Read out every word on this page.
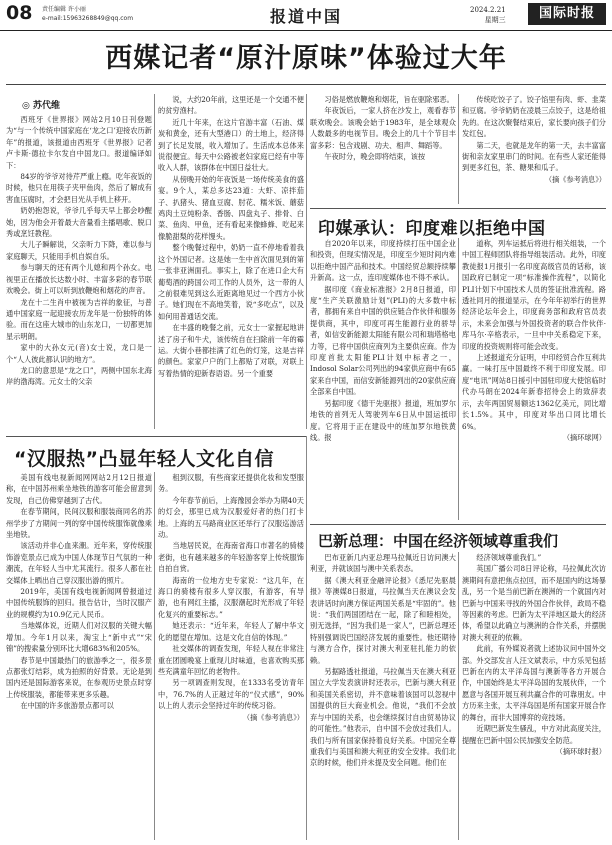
08 责任编辑 许小丽
e-mail:15963268849@qq.com	报道中国	2024.2.21
星期三	国际时报
西媒记者“原汁原味”体验过大年
◎ 苏代维

西班牙《世界报》网站2月10日刊登题为“与一个传统中国家庭在‘龙之口’迎接农历新年”的报道，该报道由西班牙《世界报》记者卢卡斯·德拉卡尔发自中国龙口。报道编译如下：

84岁的爷爷对待芹严重上瘾。吃年夜饭的时候，他只在用筷子夹甲鱼肉，然后了解成有害血压腐时，才会把目光从手机上移开。

奶奶抱怨说，爷爷几乎每天早上都会吵醒她，因为他会开着最大音量看主播唱歌、脱口秀或烹饪教程。

大儿子瞬解说，父亲听力下降，难以参与家庭聊天，只能用手机自娱自乐。

参与聊天的还有两个儿媳和两个孙女。电视里正在播放长达数小时、丰富多彩的春节联欢晚会。街上可以听到放鞭炮和烟花的声音。

龙在十二生肖中被视为吉祥的象征，与普通中国家庭一起迎接农历龙年是一份独特的体验。而在这座大城市的山东龙口，一切都更加星示明朗。

家中的大孙女元(音)女士说，龙口是一个“人人彼此都认识的地方”。

龙口的意思是“龙之口”，两侧中国东北海岸的渤海湾。元女士的父亲

说，大约20年前，这里还是一个交通不便的贫穷渔村。

近几十年来，在这片官游丰富（石油、煤炭和黄金，还有大型港口）的土地上，经济得到了长足发展，收入增加了。生活成本总体来说很便宜。每天中公路被老妇家庭已经有中等收入人群，该群体在中国日益壮大。

从傍晚开始的年夜饭是一场传统美食的盛宴。9个人，某总多达23道：大虾、凉拌茄子、扒猪头、猪血豆腐、肘花、糯米饭、蘑菇鸡肉土豆炖粉条、香肠、四盘丸子、排骨、白菜、鱼肉、甲鱼，还有看起来像蜂蜂、吃起来像脆甜梨的花样馒头。

整个晚餐过程中，奶奶一直不停地看着我这个外国记者。这是她一生中首次面见到的第一张非亚洲面孔。事实上，除了在进口企大有葡萄酒的跨国公司工作的人员外，这一带的人之前很难见到这么近距离地见过一个西方小伙子。她们现在不高地笑着，说“多吃点”，以及如何用普通话交流。

在丰盛的晚餐之前，元女士一家握起地讲述了房子和牛犬，该传统自在扫除前一年的霉运。大街小巷都挂满了红色的灯笼，这是吉祥的颜色。家家户户的门上都贴了对联，对联上写着热情的迎新春语语。另一个重要

习俗是燃放鞭炮和烟花，旨在驱除邪恶。

年夜饭后，一家人挤在沙发上，观看春节联欢晚会。该晚会始于1983年，是全球观众人数最多的电视节目。晚会上的几十个节目丰富多彩：包含戏剧、功夫、相声、舞蹈等。

午夜时分，晚会即将结束，该按

传统吃饺子了。饺子馅里有肉、虾、韭菜和豆腐。爷爷奶奶在凌晨三点饺子，这是给祖先的。在这次聚餐结束后，家长要向孩子们分发红包。

第二天，也就是龙年的第一天，去丰富富街和亲友家里串门的时间。在有些人家还能得到更多红包，茶、糖果和瓜子。

（摘《参考消息》）
印媒承认：印度难以拒绝中国

自2020年以来，印度持续打压中国企业和投资，但现实情况是，印度至少短时间内难以拒绝中国产品和技术。中国经贸总额持续攀升新高。这一点，连印度媒体也不得不承认。

据印度《商业标准报》2月8日报道，印度“生产关联激励计划”(PLI)的大多数中标者，都拥有来自中国的供应链合作伙伴和服务提供商，其中，印度可再生能源行业的骄导者，如信安新能源太阳能有限公司和瑞塔格电力等，已将中国供应商列为主要供应商。作为印度首批太阳能PLI计划中标者之一，Indosol Solar公司列出的94家供应商中有65家来自中国，而信安新能源列出的20家供应商全部来自中国。

另据印度《德干先驱报》报道，班加罗尔地铁的首列无人驾驶列车6日从中国运抵印度。它将用于正在建设中的班加罗尔地铁黄线。报

道称，列车运抵后将进行相关组装，一个中国工程师团队将指导组装活动。此外，印度教徒报1月报引一名印度高级官员的话称，该国政府已制定一项“标准操作流程”，以简化PLI计划下中国技术人员的签证批准流程。路透社同月的报道显示，在今年年初举行的世界经济论坛年会上，印度商务部和政府官员表示，未来会加强与外国投资者的联合作伙伴·库马尔·辛格表示，一旦中中关系稳定下来，印度的投资规则将可能会改变。

上述报道充分证明，中印经贸合作互利共赢。一味打压中国最终不利于印度发展。印度“电讯”网站8日援引中国驻印度大使馆临时代办马朗在2024年新春招待会上的致辞表示，去年两国贸易额达1362亿美元，同比增长1.5%。其中，印度对华出口同比增长6%。

（摘环球网）
“汉服热”凸显年轻人文化自信

美国有线电视新闻网网站2月12日报道称，在中国苏州乘坐地铁的游客可能会留意到发现，自己仿佛穿越到了古代。

在春节期间，民间汉服和服装商同名的苏州学步了方期间一列的穿中国传统服饰就像乘坐地铁。

该活动并非心血来潮。近年来，穿传统服饰游览景点已成为中国人体现节日气氛的一种潮流，在年轻人当中尤其流行。很多人都在社交媒体上晒出自己穿汉服出游的照片。

2019年，美国有线电视新闻网曾报道过中国传统服饰的回归。报告估计，当时汉服产业的规模约为10.9亿元人民币。

当地媒体说，近期人们对汉服的关键大幅增加。今年1月以来，淘宝上“新中式”“宋锦”的搜索量分别环比大增683%和205%。

春节是中国最热门的旅游季之一，很多景点都张灯结彩，成为拍照的好背景。无论是到国内还是国际游客来说，在参观历史景点时穿上传统服装，都能带来更多乐趣。

在中国的许多旅游景点都可以

租到汉服，有些商家还提供化妆和发型服务。

今年春节前后，上海豫园会举办为期40天的灯会，那里已成为汉服爱好者的热门打卡地。上海的五马路商业区还举行了汉服巡游活动。

当地居民说，在海南省海口市著名的骑楼老街，也有越来越多的年轻游客穿上传统服饰自拍自赏。

海南的一位地方史专家说：“这几年，在海口的骑楼有很多人穿汉服，有游客，有导游，也有网红主播，汉服潮起时光形成了年轻化复兴的重要标志。”

她还表示：“近年来，年轻人了解中华文化的愿望在增加。这是文化自信的体现。”

社交媒体的调查发现，年轻人视在非常注重在团圆晚宴上重现儿时味道，也喜欢购买那些充满童年回忆的老物件。

另一项调查则发现，在1333名受访青年中，76.7%的人正越过年的“仪式感”，90%以上的人表示会坚持过年的传统习俗。

（摘《参考消息》）
巴新总理：中国在经济领域尊重我们

巴布亚新几内亚总理马拉佩近日访问澳大利亚，并就该国与澳中关系表态。

据《澳大利亚金融评论报》《悉尼先驱晨报》等澳媒8日报道，马拉佩当天在澳议会发表讲话时向澳方保证两国关系是“牢固的”。他说：“我们两国团结在一起，除了和睦相处，别无选择，“因为我们是一家人”，巴新总理还特别强调说巴国经济发展的重要性。他还期待与澳方合作，探讨对澳大利亚驻扎能力的依赖。

另据路透社报道，马拉佩当天在澳大利亚国立大学发表演讲时还表示，巴新与澳大利亚和美国关系密切，并不意味着该国可以忽视中国提供的巨大商业机会。他说，“我们不会放弃与中国的关系，也会继续探讨自由贸易协议的可能性。”他表示，自中国不会放过我们人。我们与所有国家保持着良好关系。中国完全尊重我们与美国和澳大利亚的安全安排。我们北京的时候，他们并未提及安全问题。他们在

经济领域尊重我们。”

英国广播公司8日评论称，马拉佩此次访澳期间有意把焦点拉回，而不是国内的这场暴乱，另一个是当前巴新在澳洲的一个就国内对巴新与中国来寻找的外国合作伙伴，政局不稳等因素的考虑。巴新为太平洋地区最大的经济体，希望以此确立与澳洲的合作关系，并摆脱对澳大利亚的依赖。

此前，有外媒说者就上述协议问中国外交部。外交部发言人汪文斌表示，中方乐见包括巴新在内的太平洋岛国与澳新等各方开展合作，中国始终是太平洋岛国的发展伙伴，一个愿意与各国开展互利共赢合作的可靠朋友。中方历来主张，太平洋岛国是所有国家开展合作的舞台，而非大国博弈的竞技场。

近期巴新发生骚乱，中方对此高度关注，提醒在巴新中国公民加强安全防范。

（摘环球时报）
